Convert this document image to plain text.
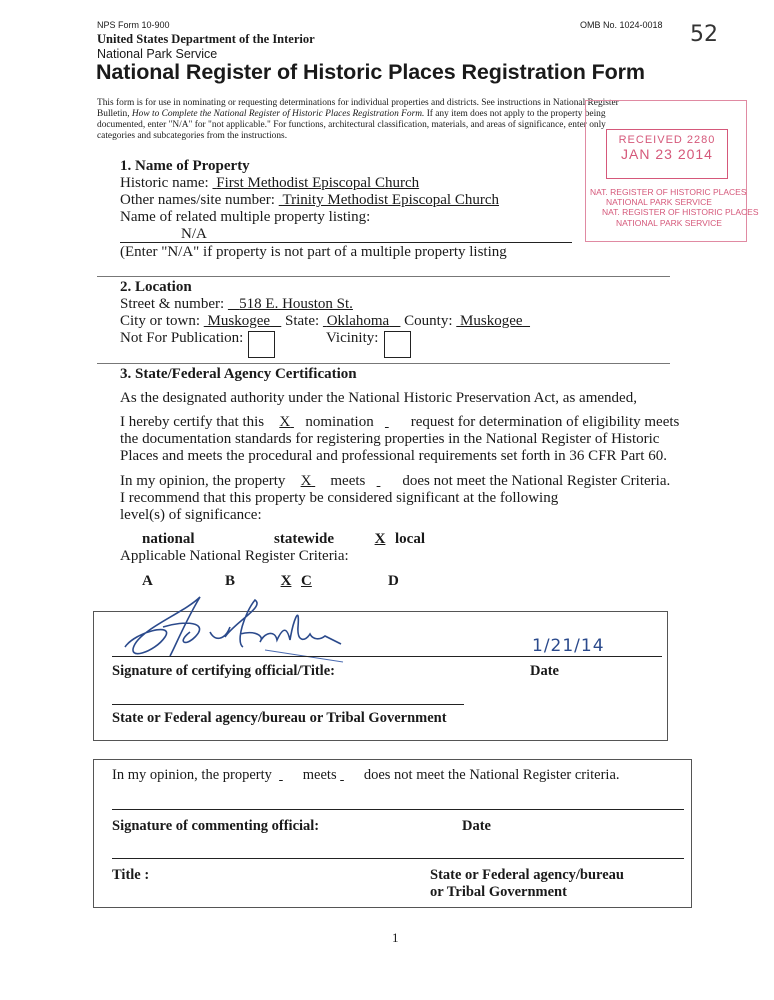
NPS Form 10-900	OMB No. 1024-0018 52
United States Department of the Interior
National Park Service
National Register of Historic Places Registration Form
This form is for use in nominating or requesting determinations for individual properties and districts. See instructions in National Register
Bulletin, How to Complete the National Register of Historic Places Registration Form. If any item does not apply to the property being
documented, enter "N/A" for "not applicable." For functions, architectural classification, materials, and areas of significance, enter only
categories and subcategories from the instructions.	RECEIVED 2280
JAN 23 2014
NAT. REGISTER OF HISTORIC PLACES
NATIONAL PARK SERVICE
NAT. REGISTER OF HISTORIC PLACES
NATIONAL PARK SERVICE
1. Name of Property
Historic name: First Methodist Episcopal Church
Other names/site number: Trinity Methodist Episcopal Church
Name of related multiple property listing:
N/A
(Enter "N/A" if property is not part of a multiple property listing
2. Location
Street & number: 518 E. Houston St.
City or town: Muskogee State: Oklahoma County: Muskogee
Not For Publication:	Vicinity:
3. State/Federal Agency Certification
As the designated authority under the National Historic Preservation Act, as amended,
I hereby certify that this X nomination request for determination of eligibility meets
the documentation standards for registering properties in the National Register of Historic
Places and meets the procedural and professional requirements set forth in 36 CFR Part 60.
In my opinion, the property X meets does not meet the National Register Criteria.
I recommend that this property be considered significant at the following
level(s) of significance:
national	statewide	X local
Applicable National Register Criteria:
A	B	X C	D
1/21/14
Signature of certifying official/Title:	Date
State or Federal agency/bureau or Tribal Government
In my opinion, the property meets does not meet the National Register criteria.
Signature of commenting official:	Date
Title :	State or Federal agency/bureau
or Tribal Government
1
